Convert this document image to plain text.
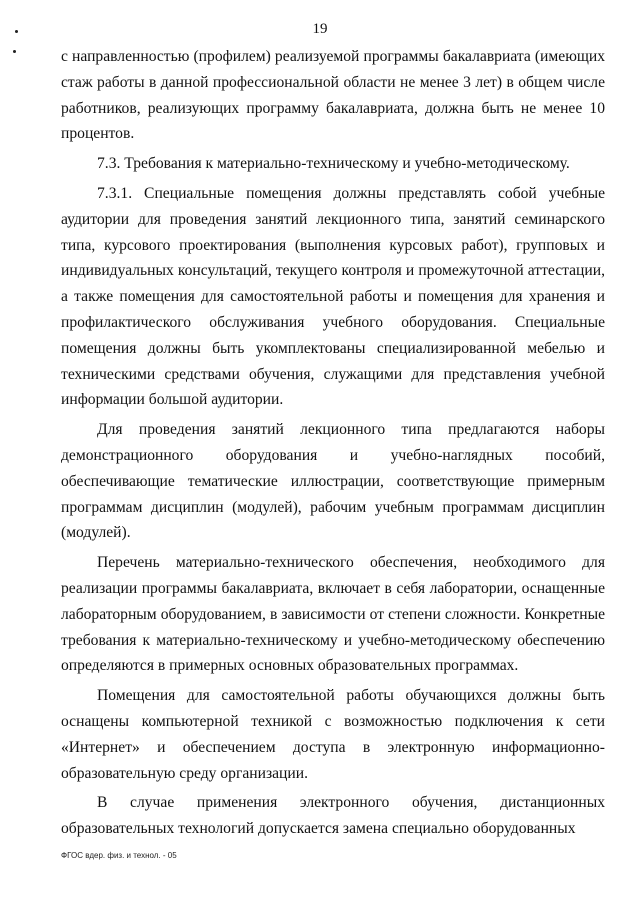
19

с направленностью (профилем) реализуемой программы бакалавриата (имеющих стаж работы в данной профессиональной области не менее 3 лет) в общем числе работников, реализующих программу бакалавриата, должна быть не менее 10 процентов.

7.3. Требования к материально-техническому и учебно-методическому.

7.3.1. Специальные помещения должны представлять собой учебные аудитории для проведения занятий лекционного типа, занятий семинарского типа, курсового проектирования (выполнения курсовых работ), групповых и индивидуальных консультаций, текущего контроля и промежуточной аттестации, а также помещения для самостоятельной работы и помещения для хранения и профилактического обслуживания учебного оборудования. Специальные помещения должны быть укомплектованы специализированной мебелью и техническими средствами обучения, служащими для представления учебной информации большой аудитории.

Для проведения занятий лекционного типа предлагаются наборы демонстрационного оборудования и учебно-наглядных пособий, обеспечивающие тематические иллюстрации, соответствующие примерным программам дисциплин (модулей), рабочим учебным программам дисциплин (модулей).

Перечень материально-технического обеспечения, необходимого для реализации программы бакалавриата, включает в себя лаборатории, оснащенные лабораторным оборудованием, в зависимости от степени сложности. Конкретные требования к материально-техническому и учебно-методическому обеспечению определяются в примерных основных образовательных программах.

Помещения для самостоятельной работы обучающихся должны быть оснащены компьютерной техникой с возможностью подключения к сети «Интернет» и обеспечением доступа в электронную информационно-образовательную среду организации.

В случае применения электронного обучения, дистанционных образовательных технологий допускается замена специально оборудованных

ФГОС вдер. физ. и технол. - 05
